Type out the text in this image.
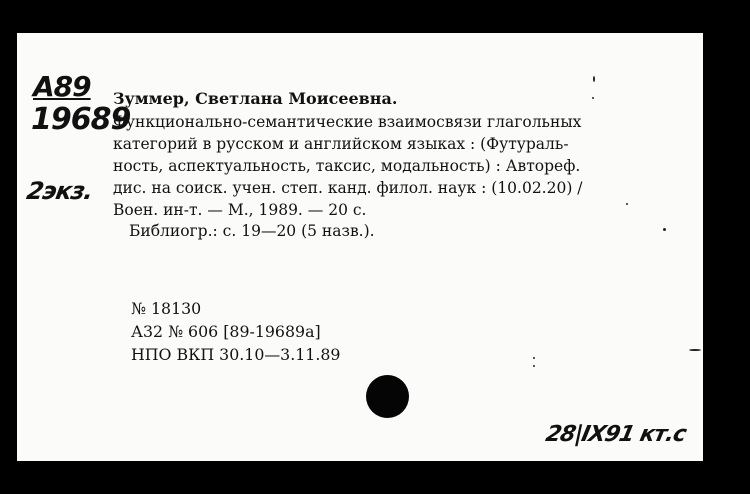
А89
19689
2экз.
Зуммер, Светлана Моисеевна.
Функционально-семантические взаимосвязи глагольных
категорий в русском и английском языках : (Футураль-
ность, аспектуальность, таксис, модальность) : Автореф.
дис. на соиск. учен. степ. канд. филол. наук : (10.02.20) /
Воен. ин-т. — М., 1989. — 20 с.
Библиогр.: с. 19—20 (5 назв.).
№ 18130
А32 № 606 [89-19689а]
НПО ВКП 30.10—3.11.89
28|IX91 кт.с
